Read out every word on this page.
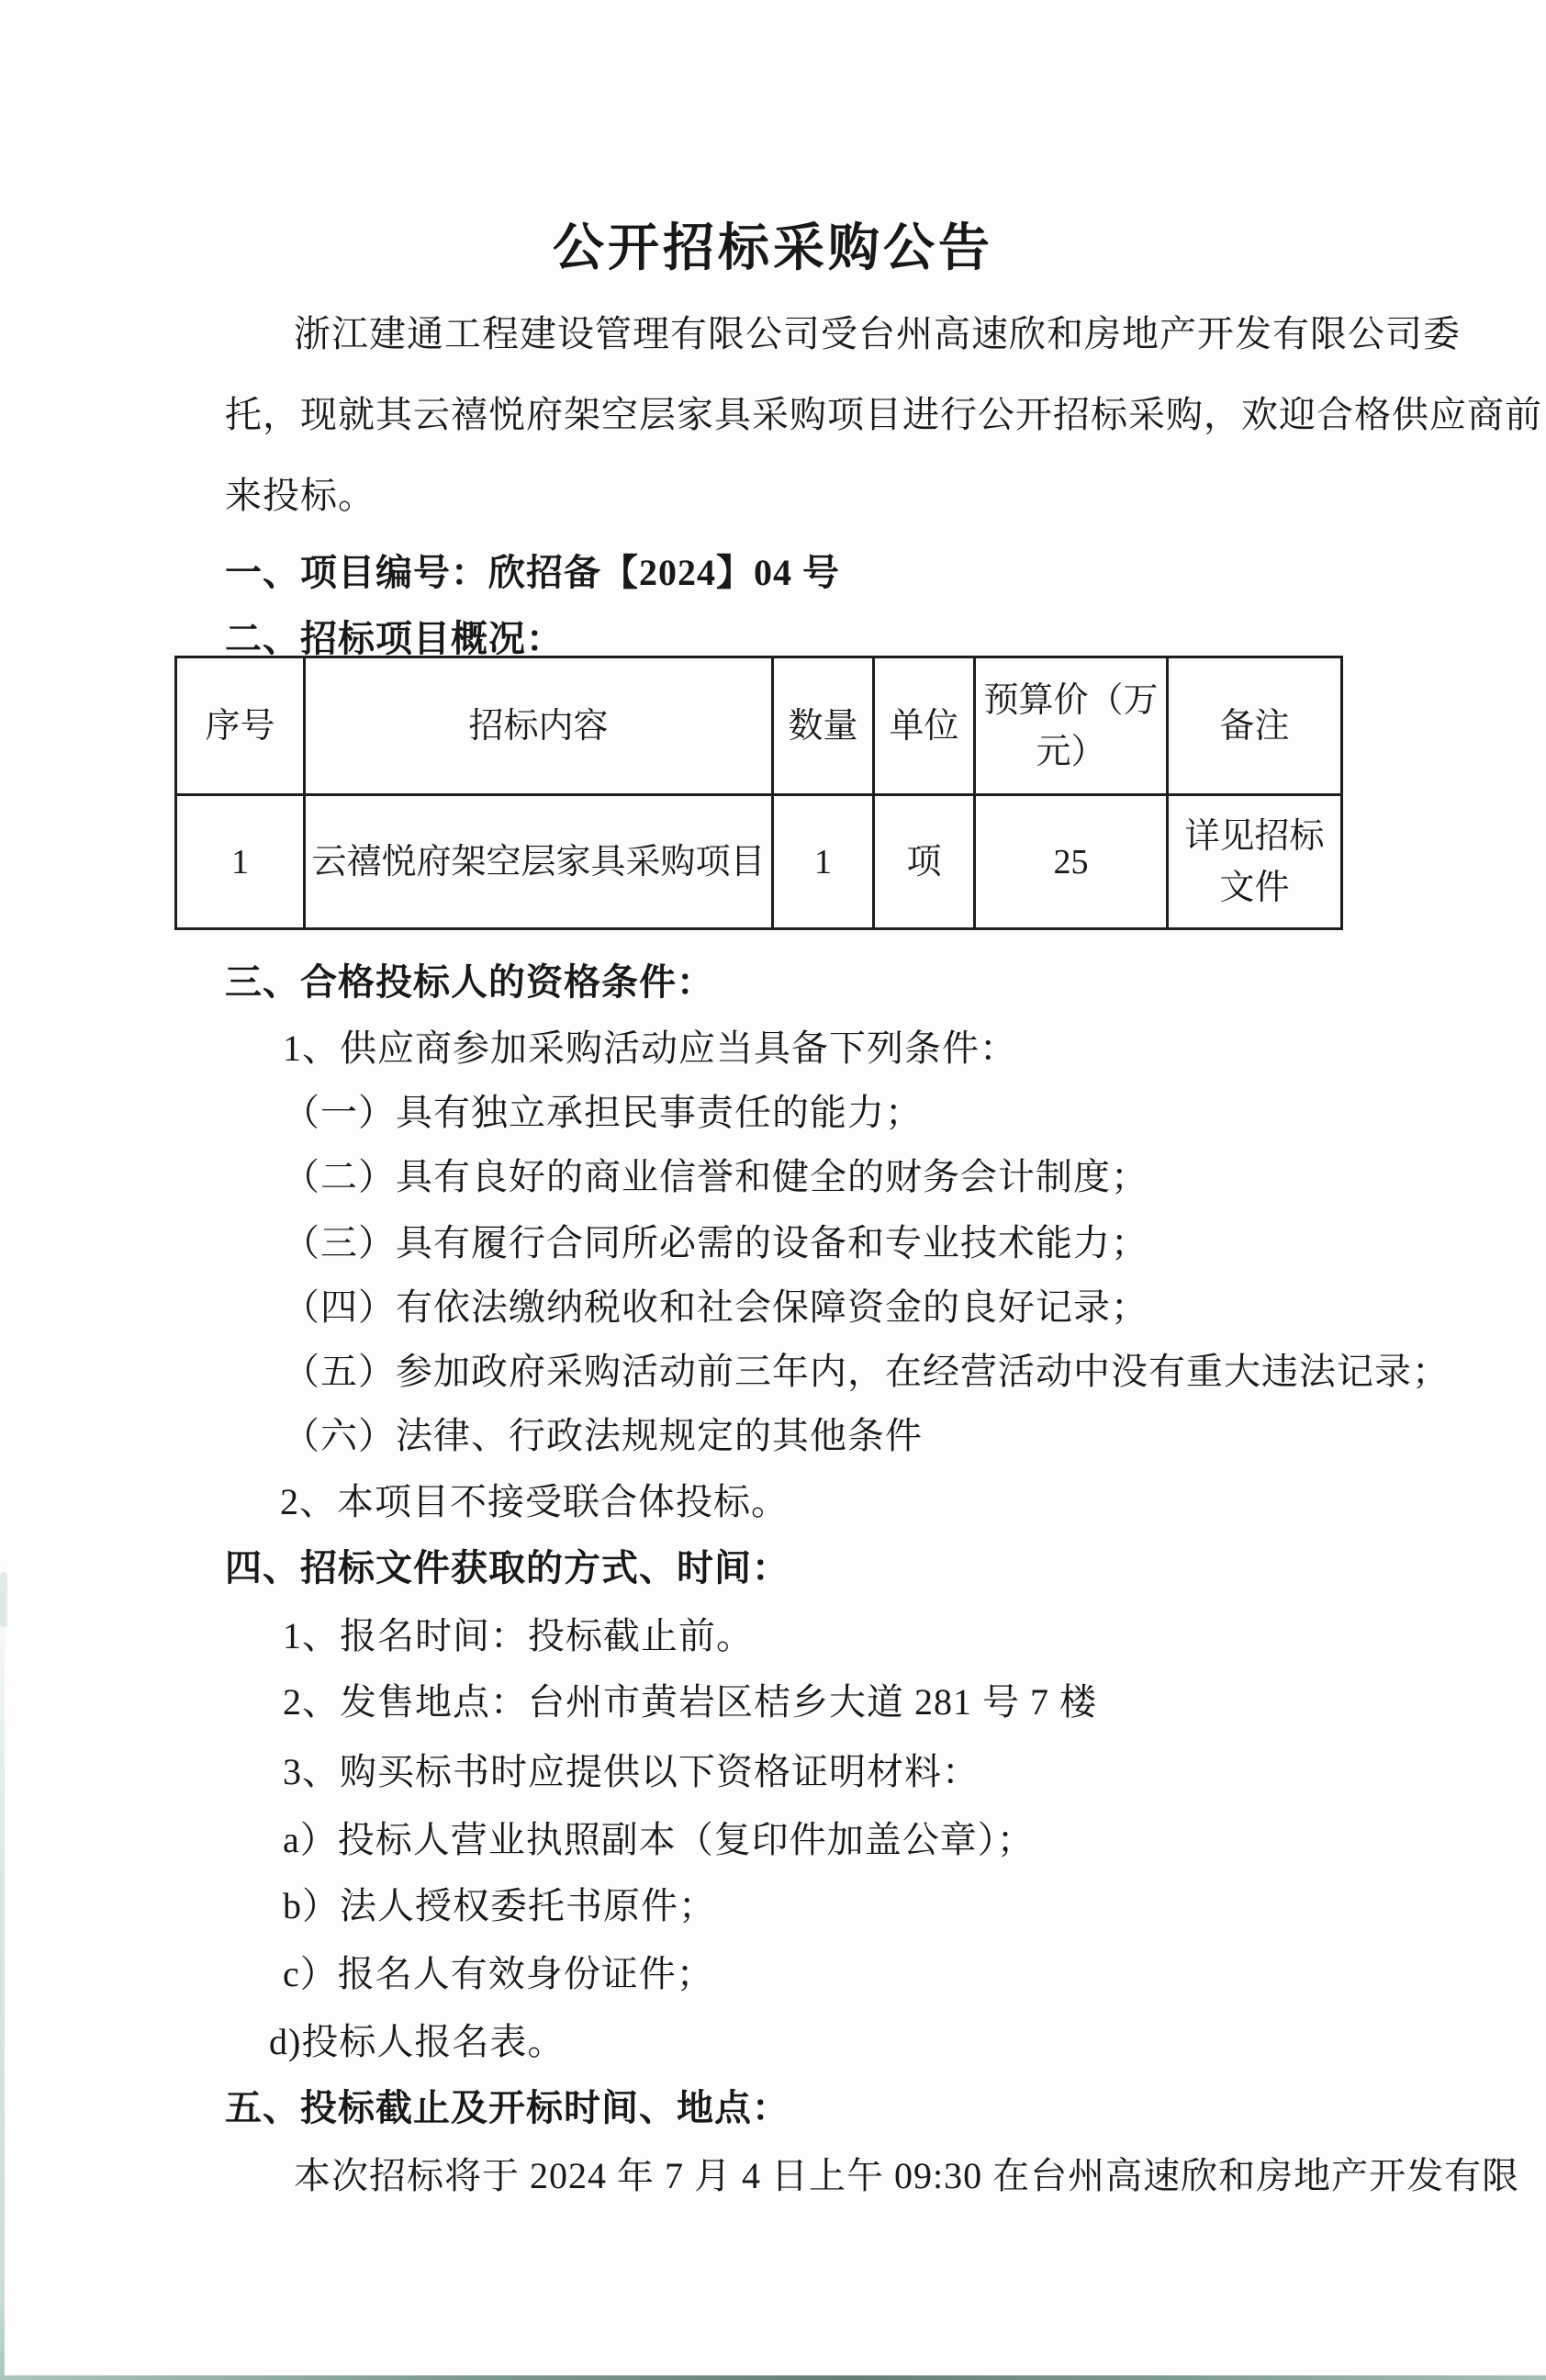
公开招标采购公告
浙江建通工程建设管理有限公司受台州高速欣和房地产开发有限公司委
托，现就其云禧悦府架空层家具采购项目进行公开招标采购，欢迎合格供应商前
来投标。
一、项目编号：欣招备【2024】04 号
二、招标项目概况：
序号	招标内容	数量	单位	预算价（万元）	备注
1	云禧悦府架空层家具采购项目	1	项	25	详见招标文件
三、合格投标人的资格条件：
1、供应商参加采购活动应当具备下列条件：
（一）具有独立承担民事责任的能力；
（二）具有良好的商业信誉和健全的财务会计制度；
（三）具有履行合同所必需的设备和专业技术能力；
（四）有依法缴纳税收和社会保障资金的良好记录；
（五）参加政府采购活动前三年内，在经营活动中没有重大违法记录；
（六）法律、行政法规规定的其他条件
2、本项目不接受联合体投标。
四、招标文件获取的方式、时间：
1、报名时间：投标截止前。
2、发售地点：台州市黄岩区桔乡大道 281 号 7 楼
3、购买标书时应提供以下资格证明材料：
a）投标人营业执照副本（复印件加盖公章）；
b）法人授权委托书原件；
c）报名人有效身份证件；
d)投标人报名表。
五、投标截止及开标时间、地点：
本次招标将于 2024 年 7 月 4 日上午 09:30 在台州高速欣和房地产开发有限
